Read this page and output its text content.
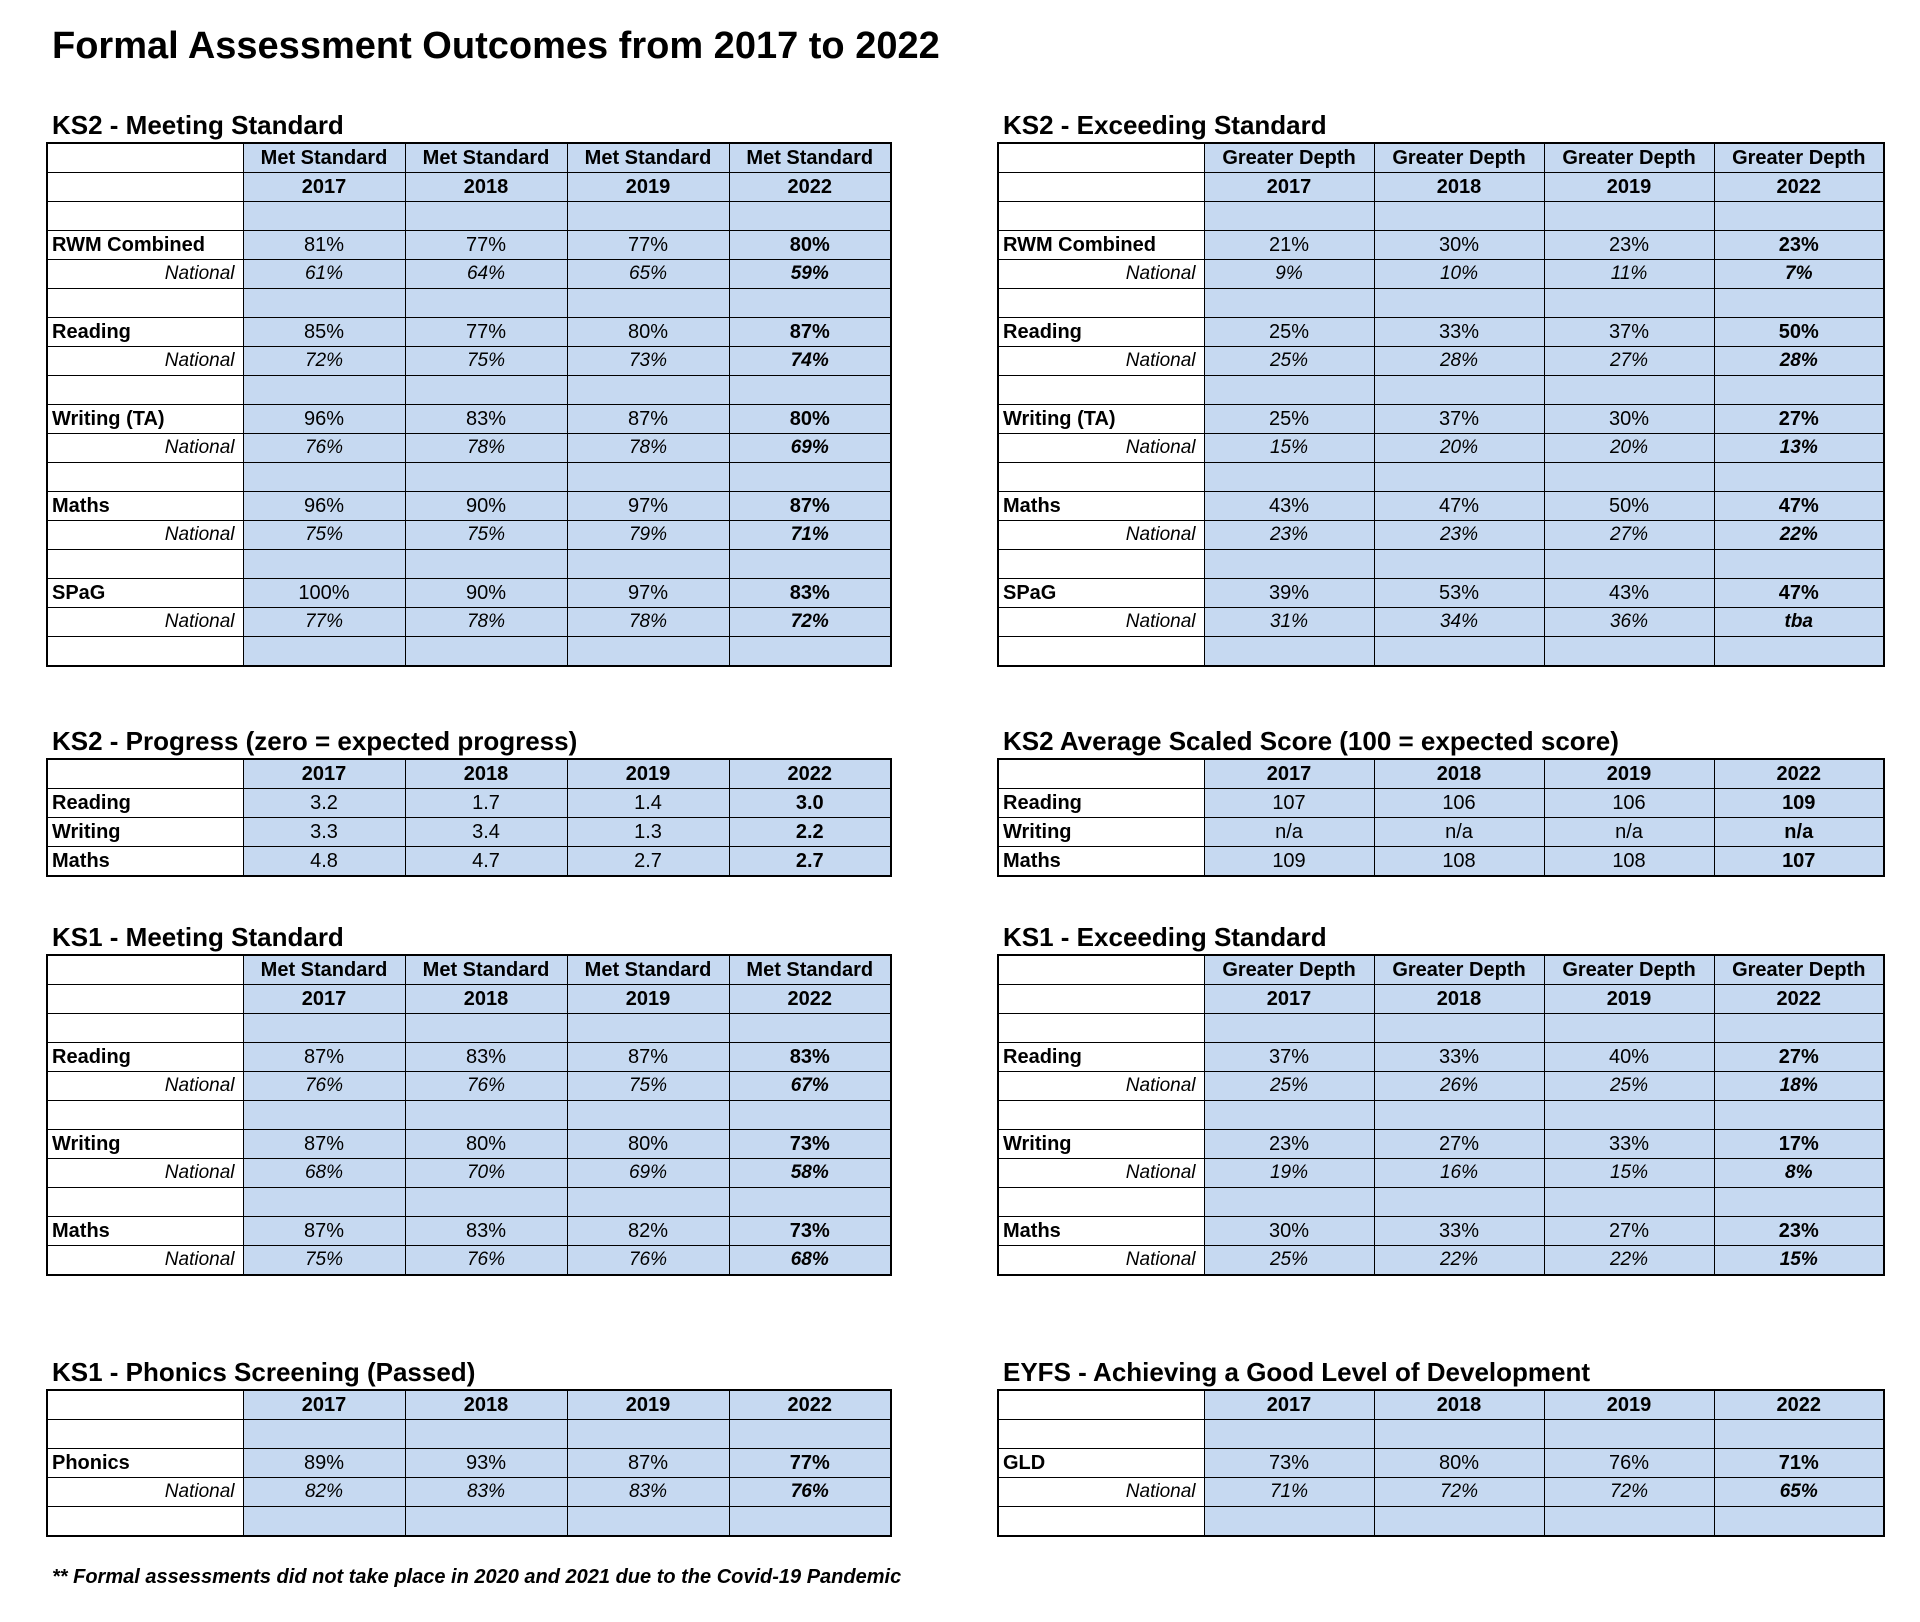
Formal Assessment Outcomes from 2017 to 2022
KS2 - Meeting Standard
	Met Standard	Met Standard	Met Standard	Met Standard
	2017	2018	2019	2022

RWM Combined	81%	77%	77%	80%
National	61%	64%	65%	59%

Reading	85%	77%	80%	87%
National	72%	75%	73%	74%

Writing (TA)	96%	83%	87%	80%
National	76%	78%	78%	69%

Maths	96%	90%	97%	87%
National	75%	75%	79%	71%

SPaG	100%	90%	97%	83%
National	77%	78%	78%	72%

KS2 - Exceeding Standard
	Greater Depth	Greater Depth	Greater Depth	Greater Depth
	2017	2018	2019	2022

RWM Combined	21%	30%	23%	23%
National	9%	10%	11%	7%

Reading	25%	33%	37%	50%
National	25%	28%	27%	28%

Writing (TA)	25%	37%	30%	27%
National	15%	20%	20%	13%

Maths	43%	47%	50%	47%
National	23%	23%	27%	22%

SPaG	39%	53%	43%	47%
National	31%	34%	36%	tba

KS2 - Progress (zero = expected progress)
	2017	2018	2019	2022
Reading	3.2	1.7	1.4	3.0
Writing	3.3	3.4	1.3	2.2
Maths	4.8	4.7	2.7	2.7
KS2 Average Scaled Score (100 = expected score)
	2017	2018	2019	2022
Reading	107	106	106	109
Writing	n/a	n/a	n/a	n/a
Maths	109	108	108	107
KS1 - Meeting Standard
	Met Standard	Met Standard	Met Standard	Met Standard
	2017	2018	2019	2022

Reading	87%	83%	87%	83%
National	76%	76%	75%	67%

Writing	87%	80%	80%	73%
National	68%	70%	69%	58%

Maths	87%	83%	82%	73%
National	75%	76%	76%	68%
KS1 - Exceeding Standard
	Greater Depth	Greater Depth	Greater Depth	Greater Depth
	2017	2018	2019	2022

Reading	37%	33%	40%	27%
National	25%	26%	25%	18%

Writing	23%	27%	33%	17%
National	19%	16%	15%	8%

Maths	30%	33%	27%	23%
National	25%	22%	22%	15%
KS1 - Phonics Screening (Passed)
	2017	2018	2019	2022

Phonics	89%	93%	87%	77%
National	82%	83%	83%	76%

EYFS - Achieving a Good Level of Development
	2017	2018	2019	2022

GLD	73%	80%	76%	71%
National	71%	72%	72%	65%

** Formal assessments did not take place in 2020 and 2021 due to the Covid-19 Pandemic
